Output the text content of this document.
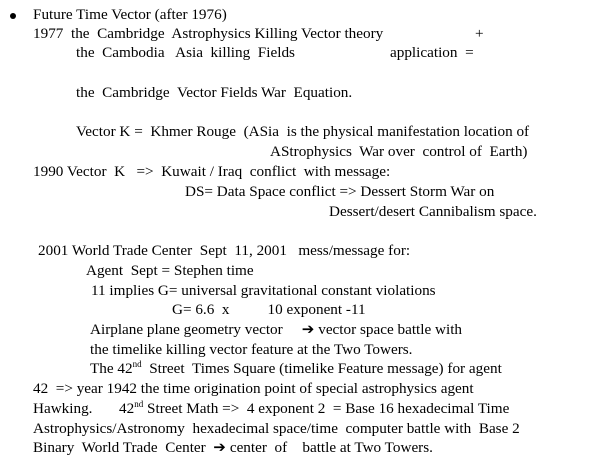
Future Time Vector (after 1976)
1977  the  Cambridge  Astrophysics Killing Vector theory	+
the  Cambodia   Asia  killing  Fields	application  =
the  Cambridge  Vector Fields War  Equation.
Vector K =  Khmer Rouge  (ASia  is the physical manifestation location of
AStrophysics  War over  control of  Earth)
1990 Vector  K   =>  Kuwait / Iraq  conflict  with message:
DS= Data Space conflict => Dessert Storm War on
Dessert/desert Cannibalism space.
2001 World Trade Center  Sept  11, 2001   mess/message for:
Agent  Sept = Stephen time
11 implies G= universal gravitational constant violations
G= 6.6  x          10 exponent -11
Airplane plane geometry vector     ➔ vector space battle with
the timelike killing vector feature at the Two Towers.
The 42nd  Street  Times Square (timelike Feature message) for agent
42  => year 1942 the time origination point of special astrophysics agent
Hawking.       42nd Street Math =>  4 exponent 2  = Base 16 hexadecimal Time
Astrophysics/Astronomy  hexadecimal space/time  computer battle with  Base 2
Binary  World Trade  Center  ➔ center  of    battle at Two Towers.
